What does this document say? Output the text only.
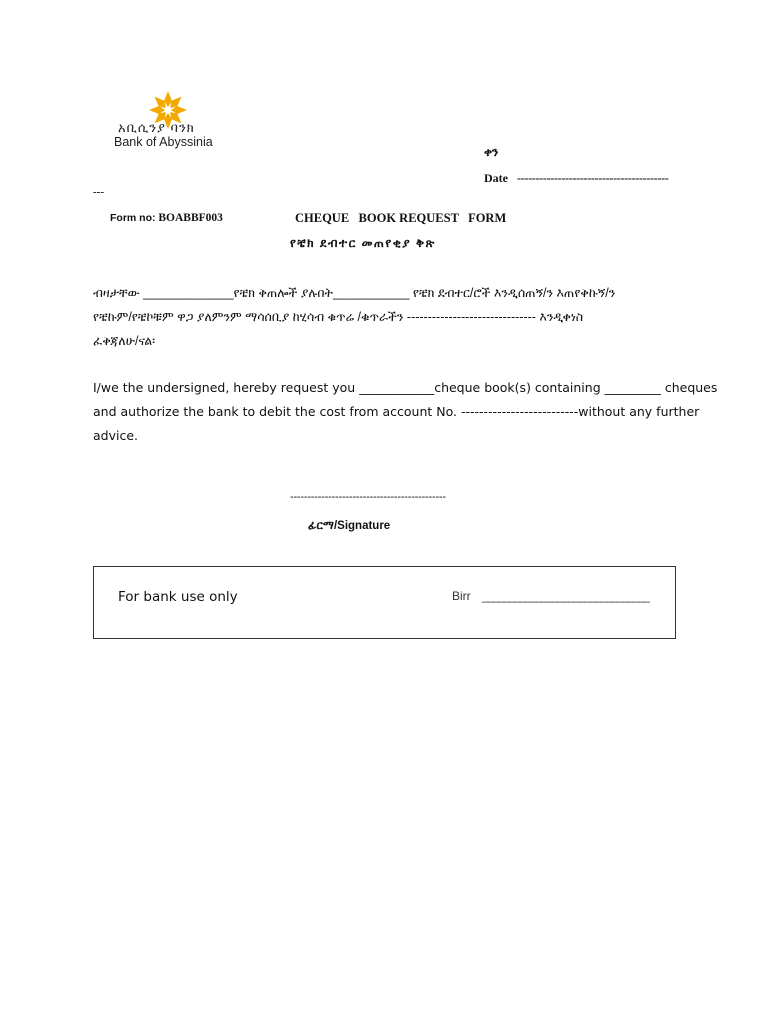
አቢሲንያ ባንክ
Bank of Abyssinia
ቀን
Date -----------------------------------------
---
Form no: BOABBF003	CHEQUE   BOOK REQUEST   FORM
የቼክ ደብተር መጠየቂያ ቅጽ
ብዛታቸው _____________የቼክ ቅጠሎች ያሉበት___________ የቼክ ደብተር/ሮች እንዲሰጠኝ/ን እጠየቅኩኝ/ን
የቼኩም/የቼኮቹም ዋጋ ያለምንም ማሳሰቢያ ከሂሳብ ቁጥሬ /ቁጥራችን ------------------------------- እንዲቀነስ
ፈቅጃለሁ/ናል፡
I/we the undersigned, hereby request you ____________cheque book(s) containing _________ cheques
and authorize the bank to debit the cost from account No. --------------------------without any further
advice.
---------------------------------------------
ፊርማ/Signature
For bank use only	Birr _______________________________
